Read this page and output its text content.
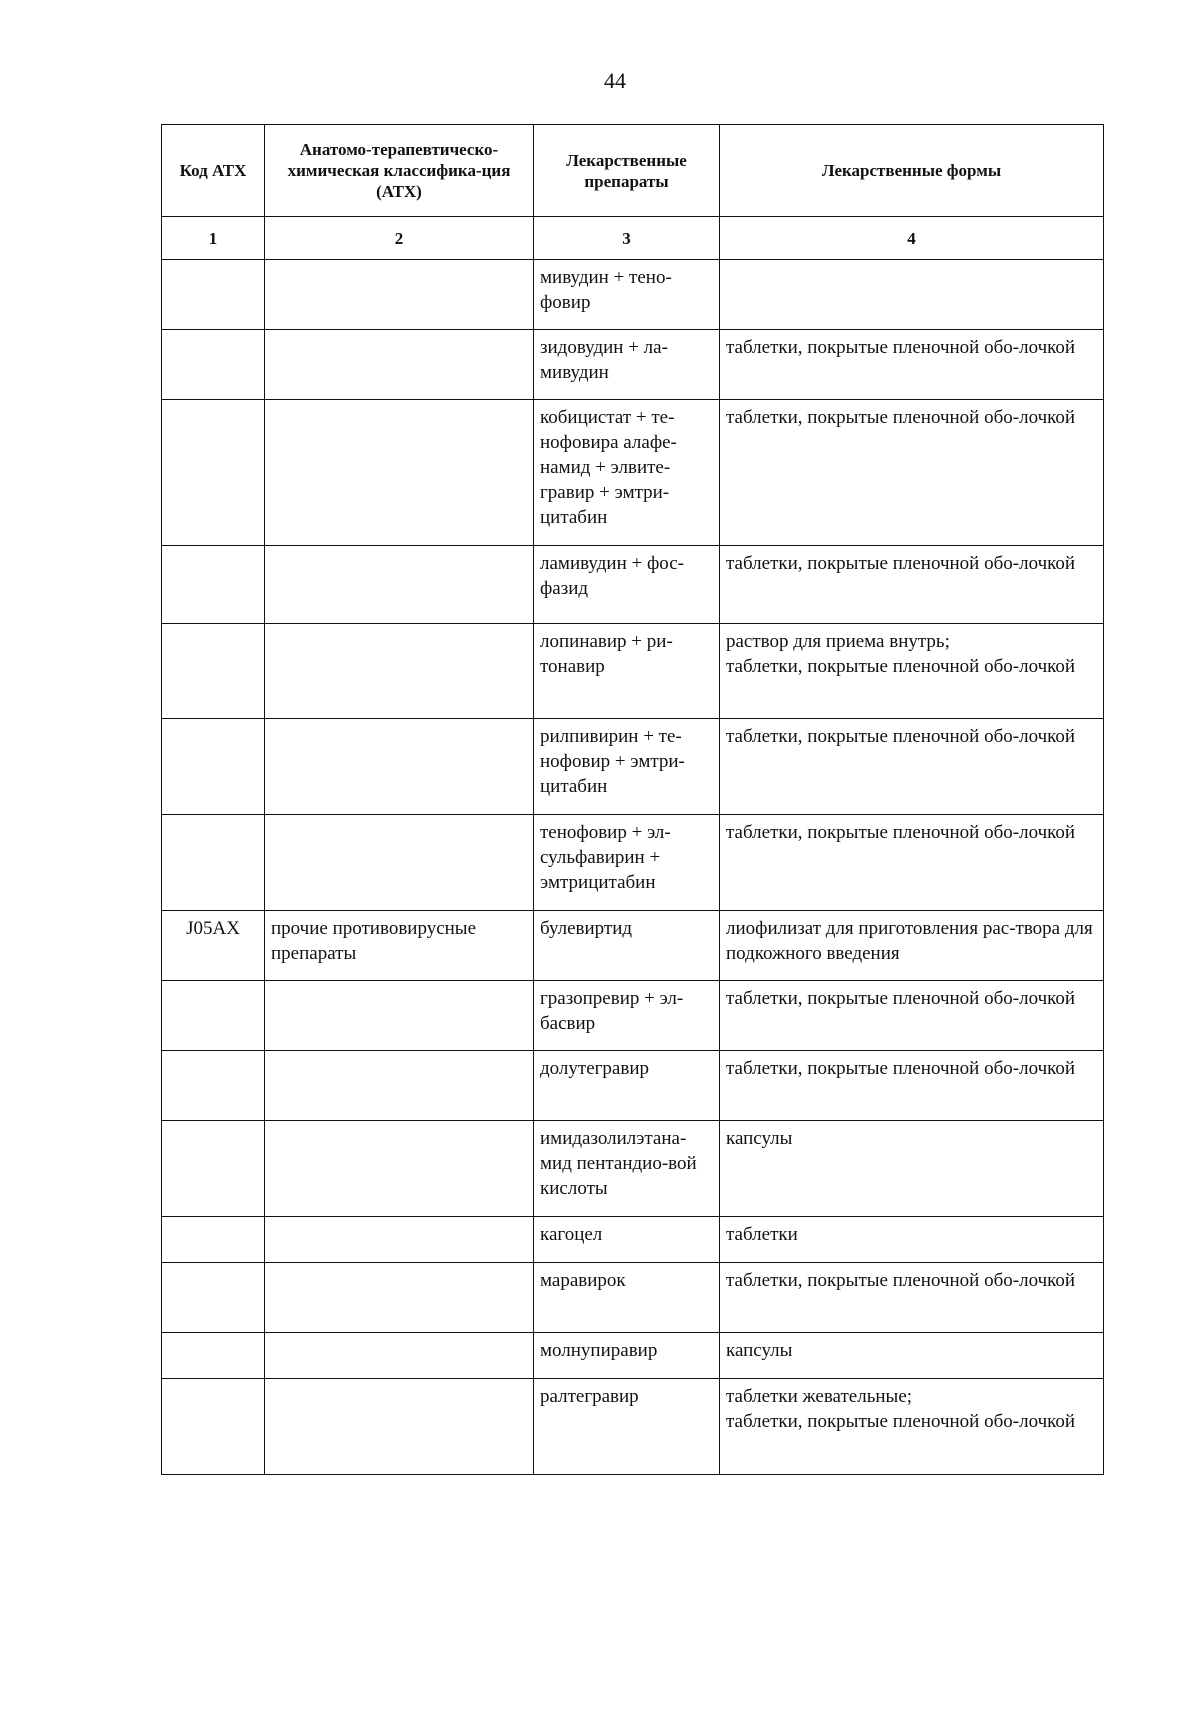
44
Код АТХ	Анатомо-терапевтическо-химическая классифика-ция (АТХ)	Лекарственные препараты	Лекарственные формы
1	2	3	4
		мивудин + тено-фовир	
		зидовудин + ла-мивудин	таблетки, покрытые пленочной обо-лочкой
		кобицистат + те-нофовира алафе-намид + элвите-гравир + эмтри-цитабин	таблетки, покрытые пленочной обо-лочкой
		ламивудин + фос-фазид	таблетки, покрытые пленочной обо-лочкой
		лопинавир + ри-тонавир	раствор для приема внутрь;
таблетки, покрытые пленочной обо-лочкой
		рилпивирин + те-нофовир + эмтри-цитабин	таблетки, покрытые пленочной обо-лочкой
		тенофовир + эл-сульфавирин + эмтрицитабин	таблетки, покрытые пленочной обо-лочкой
J05AX	прочие противовирусные препараты	булевиртид	лиофилизат для приготовления рас-твора для подкожного введения
		гразопревир + эл-басвир	таблетки, покрытые пленочной обо-лочкой
		долутегравир	таблетки, покрытые пленочной обо-лочкой
		имидазолилэтана-мид пентандио-вой кислоты	капсулы
		кагоцел	таблетки
		маравирок	таблетки, покрытые пленочной обо-лочкой
		молнупиравир	капсулы
		ралтегравир	таблетки жевательные;
таблетки, покрытые пленочной обо-лочкой
